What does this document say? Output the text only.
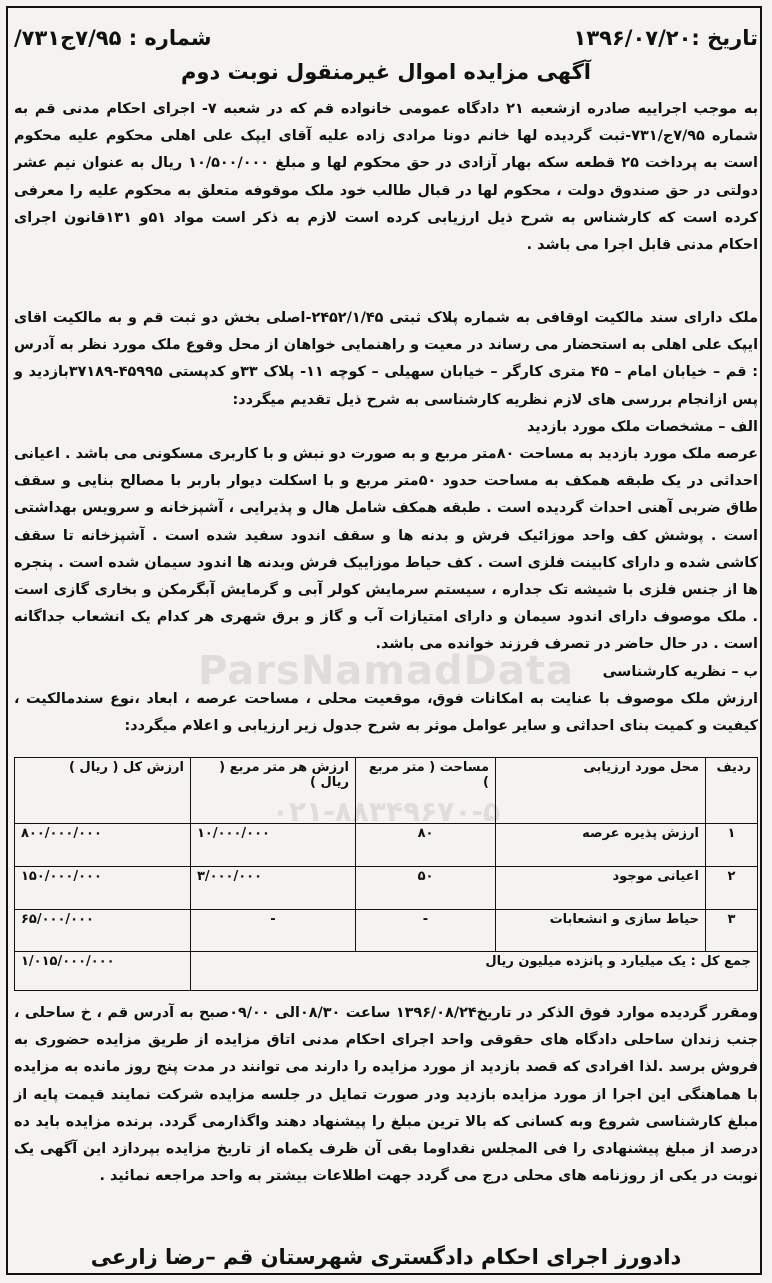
تاریخ :۱۳۹۶/۰۷/۲۰
شماره : ۷/۹۵ج۷۳۱/
آگهی مزایده اموال غیرمنقول نوبت دوم
ParsNamadData
۰۲۱-۸۸۳۴۹۶۷۰-۵

به موجب اجراییه صادره ازشعبه ۲۱ دادگاه عمومی خانواده قم که در شعبه ۷- اجرای احکام مدنی قم به شماره ۷/۹۵ج/۷۳۱-ثبت گردیده لها خانم دونا مرادی زاده علیه آقای ایپک علی اهلی محکوم علیه محکوم است به پرداخت ۲۵ قطعه سکه بهار آزادی در حق محکوم لها و مبلغ ۱۰/۵۰۰/۰۰۰ ریال به عنوان نیم عشر دولتی در حق صندوق دولت ، محکوم لها در قبال طالب خود ملک موقوفه متعلق به محکوم علیه را معرفی کرده است که کارشناس به شرح ذیل ارزیابی کرده است لازم به ذکر است مواد ۵۱و ۱۳۱قانون اجرای احکام مدنی قابل اجرا می باشد .

ملک دارای سند مالکیت اوقافی به شماره پلاک ثبتی ۲۴۵۲/۱/۴۵-اصلی بخش دو ثبت قم و به مالکیت اقای ایپک علی اهلی به استحضار می رساند در معیت و راهنمایی خواهان از محل وقوع ملک مورد نظر به آدرس : قم – خیابان امام – ۴۵ متری کارگر – خیابان سهیلی – کوچه ۱۱- پلاک ۳۳و کدپستی ۴۵۹۹۵-۳۷۱۸۹بازدید و پس ازانجام بررسی های لازم نظریه کارشناسی به شرح ذیل تقدیم میگردد:

الف – مشخصات ملک مورد بازدید

عرصه ملک مورد بازدید به مساحت ۸۰متر مربع و به صورت دو نبش و با کاربری مسکونی می باشد . اعیانی احداثی در یک طبقه همکف به مساحت حدود ۵۰متر مربع و با اسکلت دیوار باربر با مصالح بنایی و سقف طاق ضربی آهنی احداث گردیده است . طبقه همکف شامل هال و پذیرایی ، آشپزخانه و سرویس بهداشتی است . پوشش کف واحد موزائیک فرش و بدنه ها و سقف اندود سفید شده است . آشپزخانه تا سقف کاشی شده و دارای کابینت فلزی است . کف حیاط موزاییک فرش وبدنه ها اندود سیمان شده است . پنجره ها از جنس فلزی با شیشه تک جداره ، سیستم سرمایش کولر آبی و گرمایش آبگرمکن و بخاری گازی است . ملک موصوف دارای اندود سیمان و دارای امتیازات آب و گاز و برق شهری هر کدام یک انشعاب جداگانه است . در حال حاضر در تصرف فرزند خوانده می باشد.

ب – نظریه کارشناسی

ارزش ملک موصوف با عنایت به امکانات فوق، موقعیت محلی ، مساحت عرصه ، ابعاد ،نوع سندمالکیت ، کیفیت و کمیت بنای احداثی و سایر عوامل موثر به شرح جدول زیر ارزیابی و اعلام میگردد:

ردیف	محل مورد ارزیابی	مساحت ( متر مربع )	ارزش هر متر مربع ( ریال )	ارزش کل ( ریال )
۱	ارزش پذیره عرصه	۸۰	۱۰/۰۰۰/۰۰۰	۸۰۰/۰۰۰/۰۰۰
۲	اعیانی موجود	۵۰	۳/۰۰۰/۰۰۰	۱۵۰/۰۰۰/۰۰۰
۳	حیاط سازی و انشعابات	-	-	۶۵/۰۰۰/۰۰۰
جمع کل : یک میلیارد و پانزده میلیون ریال				۱/۰۱۵/۰۰۰/۰۰۰

ومقرر گردیده موارد فوق الذکر در تاریخ۱۳۹۶/۰۸/۲۴ ساعت ۰۸/۳۰الی ۰۹/۰۰صبح به آدرس قم ، خ ساحلی ، جنب زندان ساحلی دادگاه های حقوقی واحد اجرای احکام مدنی اتاق مزایده از طریق مزایده حضوری به فروش برسد .لذا افرادی که قصد بازدید از مورد مزایده را دارند می توانند در مدت پنج روز مانده به مزایده با هماهنگی این اجرا از مورد مزایده بازدید ودر صورت تمایل در جلسه مزایده شرکت نمایند قیمت پایه از مبلغ کارشناسی شروع وبه کسانی که بالا ترین مبلغ را پیشنهاد دهند واگذارمی گردد. برنده مزایده باید ده درصد از مبلغ پیشنهادی را فی المجلس نقداوما بقی آن ظرف یکماه از تاریخ مزایده بپردازد این آگهی یک نوبت در یکی از روزنامه های محلی درج می گردد جهت اطلاعات بیشتر به واحد مراجعه نمائید .

دادورز اجرای احکام دادگستری شهرستان قم –رضا زارعی
